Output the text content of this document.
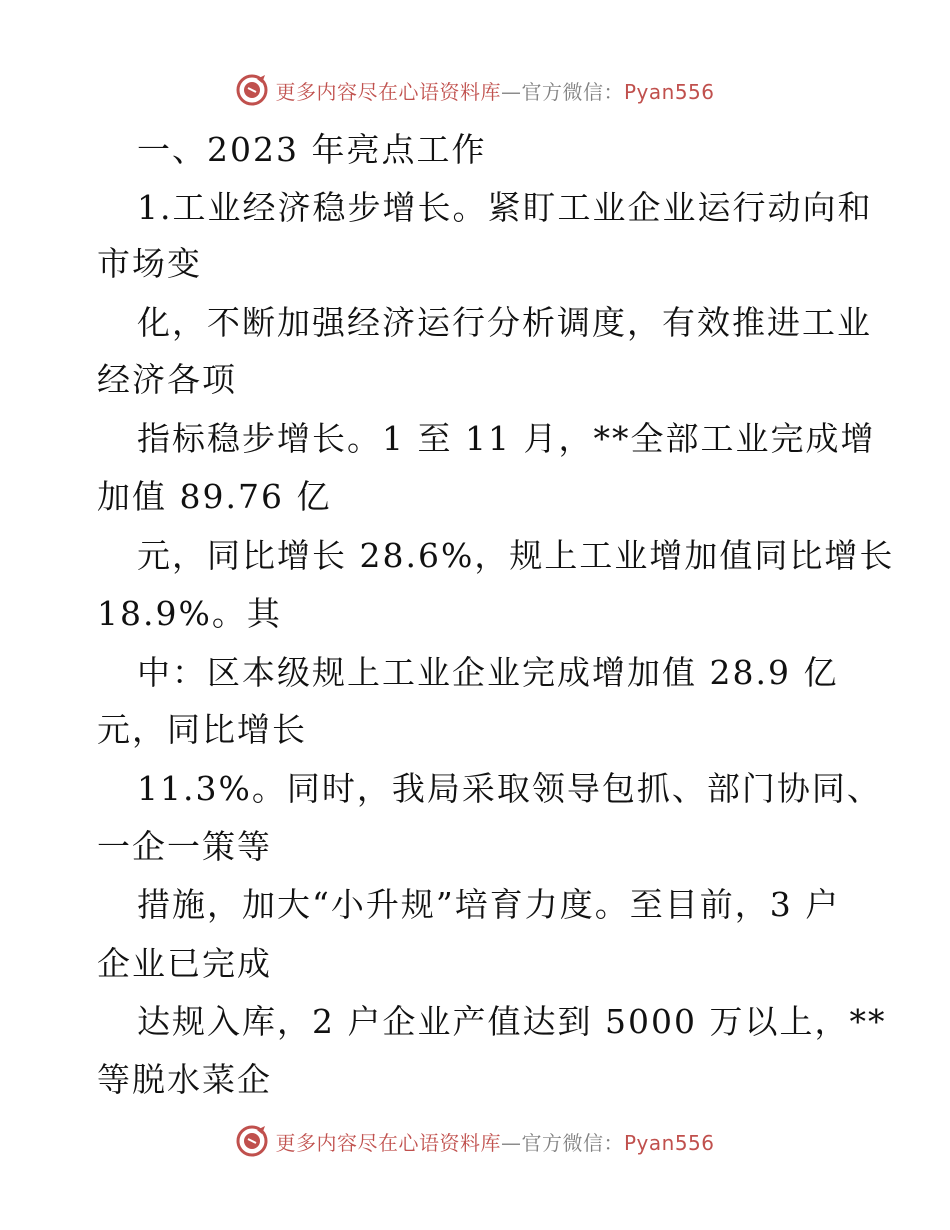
更多内容尽在心语资料库—官方微信：Pyan556
一、2023 年亮点工作
1.工业经济稳步增长。紧盯工业企业运行动向和
市场变
化，不断加强经济运行分析调度，有效推进工业
经济各项
指标稳步增长。1 至 11 月，**全部工业完成增
加值 89.76 亿
元，同比增长 28.6%，规上工业增加值同比增长
18.9%。其
中：区本级规上工业企业完成增加值 28.9 亿
元，同比增长
11.3%。同时，我局采取领导包抓、部门协同、
一企一策等
措施，加大“小升规”培育力度。至目前，3 户
企业已完成
达规入库，2 户企业产值达到 5000 万以上，**
等脱水菜企
更多内容尽在心语资料库—官方微信：Pyan556
